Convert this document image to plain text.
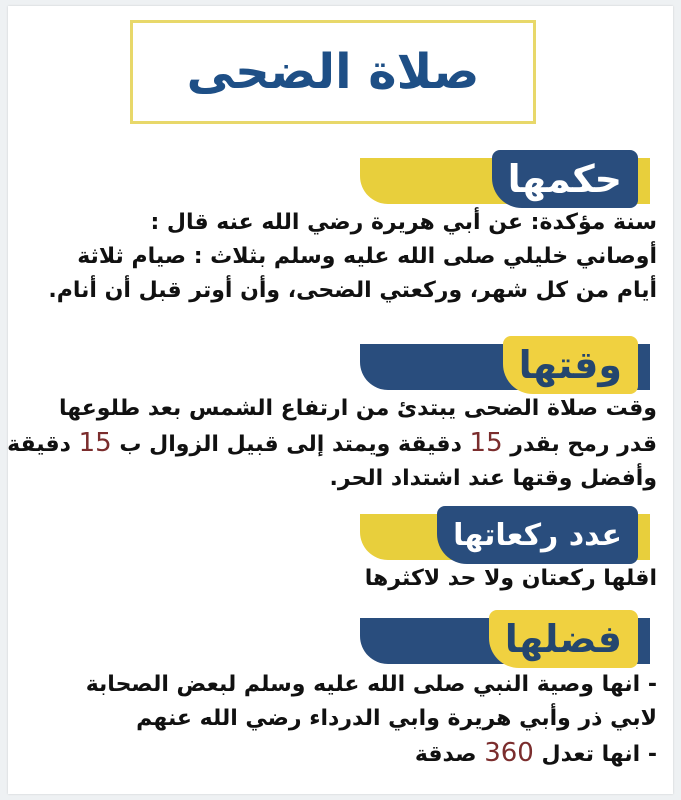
صلاة الضحى
حكمها
سنة مؤكدة: عن أبي هريرة رضي الله عنه قال :
أوصاني خليلي صلى الله عليه وسلم بثلاث : صيام ثلاثة
أيام من كل شهر، وركعتي الضحى، وأن أوتر قبل أن أنام.
وقتها
وقت صلاة الضحى يبتدئ من ارتفاع الشمس بعد طلوعها
قدر رمح بقدر 15 دقيقة ويمتد إلى قبيل الزوال ب 15 دقيقة
وأفضل وقتها عند اشتداد الحر.
عدد ركعاتها
اقلها ركعتان ولا حد لاكثرها
فضلها
- انها وصية النبي صلى الله عليه وسلم لبعض الصحابة
لابي ذر وأبي هريرة وابي الدرداء رضي الله عنهم
- انها تعدل 360 صدقة
